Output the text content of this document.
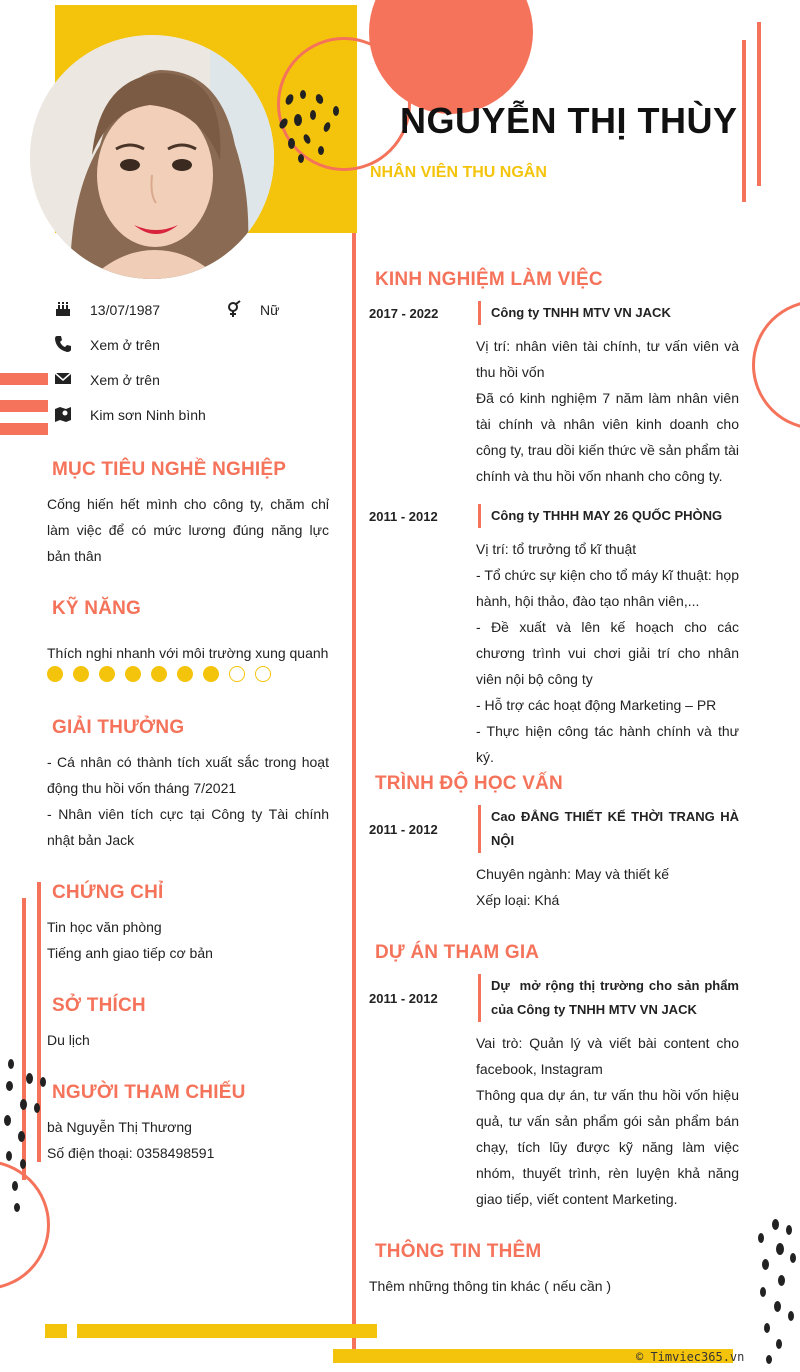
NGUYỄN THỊ THÙY
NHÂN VIÊN THU NGÂN
13/07/1987	Nữ
Xem ở trên
Xem ở trên
Kim sơn Ninh bình
MỤC TIÊU NGHỀ NGHIỆP
Cống hiến hết mình cho công ty, chăm chỉ làm việc để có mức lương đúng năng lực bản thân
KỸ NĂNG
Thích nghi nhanh với môi trường xung quanh
GIẢI THƯỞNG
- Cá nhân có thành tích xuất sắc trong hoạt động thu hồi vốn tháng 7/2021
- Nhân viên tích cực tại Công ty Tài chính nhật bản Jack
CHỨNG CHỈ
Tin học văn phòng
Tiếng anh giao tiếp cơ bản
SỞ THÍCH
Du lịch
NGƯỜI THAM CHIẾU
bà Nguyễn Thị Thương
Số điện thoại: 0358498591
KINH NGHIỆM LÀM VIỆC
2017 - 2022	Công ty TNHH MTV VN JACK
Vị trí: nhân viên tài chính, tư vấn viên và thu hồi vốn
Đã có kinh nghiệm 7 năm làm nhân viên tài chính và nhân viên kinh doanh cho công ty, trau dồi kiến thức về sản phẩm tài chính và thu hồi vốn nhanh cho công ty.
2011 - 2012	Công ty THHH MAY 26 QUỐC PHÒNG
Vị trí: tổ trưởng tổ kĩ thuật
- Tổ chức sự kiện cho tổ máy kĩ thuật: họp hành, hội thảo, đào tạo nhân viên,...
- Đề xuất và lên kế hoạch cho các chương trình vui chơi giải trí cho nhân viên nội bộ công ty
- Hỗ trợ các hoạt động Marketing – PR
- Thực hiện công tác hành chính và thư ký.
TRÌNH ĐỘ HỌC VẤN
2011 - 2012
Cao ĐẲNG THIẾT KẾ THỜI TRANG HÀ NỘI
Chuyên ngành: May và thiết kế
Xếp loại: Khá
DỰ ÁN THAM GIA
2011 - 2012
Dự  mở rộng thị trường cho sản phẩm của Công ty TNHH MTV VN JACK
Vai trò: Quản lý và viết bài content cho facebook, Instagram
Thông qua dự án, tư vấn thu hồi vốn hiệu quả, tư vấn sản phẩm gói sản phẩm bán chạy, tích lũy được kỹ năng làm việc nhóm, thuyết trình, rèn luyện khả năng giao tiếp, viết content Marketing.
THÔNG TIN THÊM
Thêm những thông tin khác ( nếu cần )
© Timviec365.vn
